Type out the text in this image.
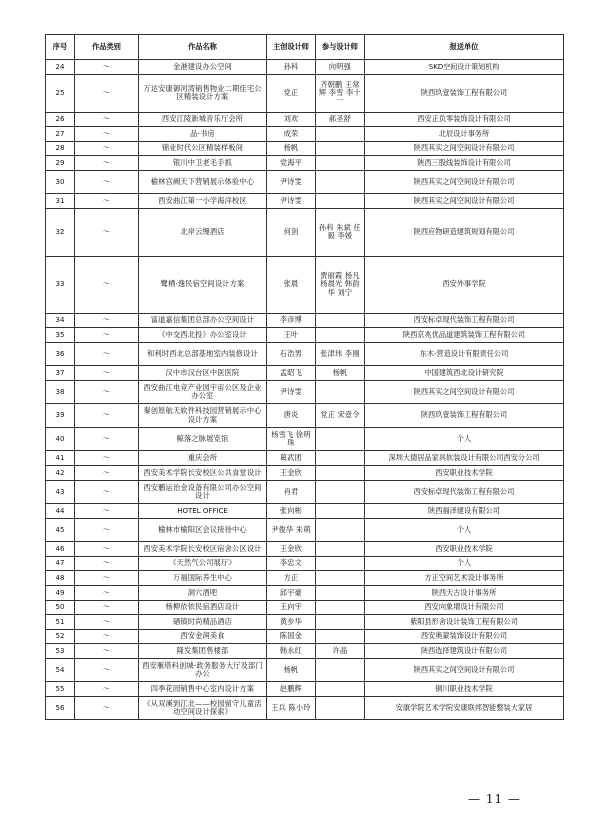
序号	作品类别	作品名称	主创设计师	参与设计师	报送单位
24	～	金港建设办公空间	孙科	向明强	SKD空间设计策划机构
25	～	万达安康御河湾销售物业二期佳宅公区精装设计方案	党正	齐朝鹏 王常辉 李雪 李十一	陕西玖壹装饰工程有限公司
26	～	西安江陵新城音乐厅会所	刘欢	郝圣舒	西安正负零装饰设计有限公司
27	～	品·书房	成荣		北辰设计事务所
28	～	锦业时代公区精装样板间	杨帆		陕西其实之间空间设计有限公司
29	～	银川中卫老毛手抓	党海平		陕西三股线装饰设计有限公司
30	～	榆林宫阙天下营销展示体验中心	尹诗雯		陕西其实之间空间设计有限公司
31	～	西安曲江第一小学海洋校区	尹诗雯		陕西其实之间空间设计有限公司
32	～	北岸云缦酒店	何剑	孙科 朱斌 任毅 李媛	陕西应物研造建筑规划有限公司
33	～	鹭栖·逸民宿空间设计方案	张晨	贾丽霞 杨凡 杨晨光 韩韵华 刘宁	西安外事学院
34	～	富道嘉信集团总部办公空间设计	李彦博		西安标卓现代装饰工程有限公司
35	～	《中交西北投》办公室设计	王叶		陕西京兆优品道建筑装饰工程有限公司
36	～	和利时西北总部基地室内装修设计	石浩男	张津玮 李刚	东木·营造设计有限责任公司
37	～	汉中市汉台区中医医院	孟昭飞	杨帆	中国建筑西北设计研究院
38	～	西安曲江电竞产业园宇宙公区及企业办公室	尹诗雯		陕西其实之间空间设计有限公司
39	～	秦创原航天软件科技园营销展示中心设计方案	唐炎	党正 宋壹令	陕西玖壹装饰工程有限公司
40	～	鲸落之脉展览馆	杨雪飞 徐明珠		个人
41	～	重庆会所	葛武团		深圳大德居品家具软装设计有限公司西安分公司
42	～	西安美术学院长安校区公共食堂设计	王金欣		西安职业技术学院
43	～	西安鹏运治金设备有限公司办公空间设计	肖君		西安标卓现代装饰工程有限公司
44	～	HOTEL OFFICE	张向彬		陕西福泽建设有限公司
45	～	榆林市榆阳区会议接待中心	尹俊华 朱萌		个人
46	～	西安美术学院长安校区宿舍公区设计	王金欣		西安职业技术学院
47	～	《天然气公司展厅》	李忠文		个人
48	～	万福国际养生中心	方正		方正空间艺术设计事务所
49	～	洞穴酒吧	邱宇豪		陕西天古设计事务所
50	～	杨柳依依民宿酒店设计	王向宇		西安向象增设计有限公司
51	～	硒镇时尚精品酒店	黄步华		紫阳县形舍设计装饰工程有限公司
52	～	西安金润美食	陈国金		西安奥蒙装饰设计有限公司
53	～	隆发集团售楼部	韩永红	许晶	陕西选择建筑设计有限公司
54	～	西安雁塔科创城-政务服务大厅及部门办公	杨帆		陕西其实之间空间设计有限公司
55	～	四季花园销售中心室内设计方案	赵鹏辉		铜川职业技术学院
56	～	《从双溪到江北——校园留守儿童活动空间设计探索》	王兵 陈小玲		安康学院艺术学院安康联邦智能整装大家居
— 11 —
